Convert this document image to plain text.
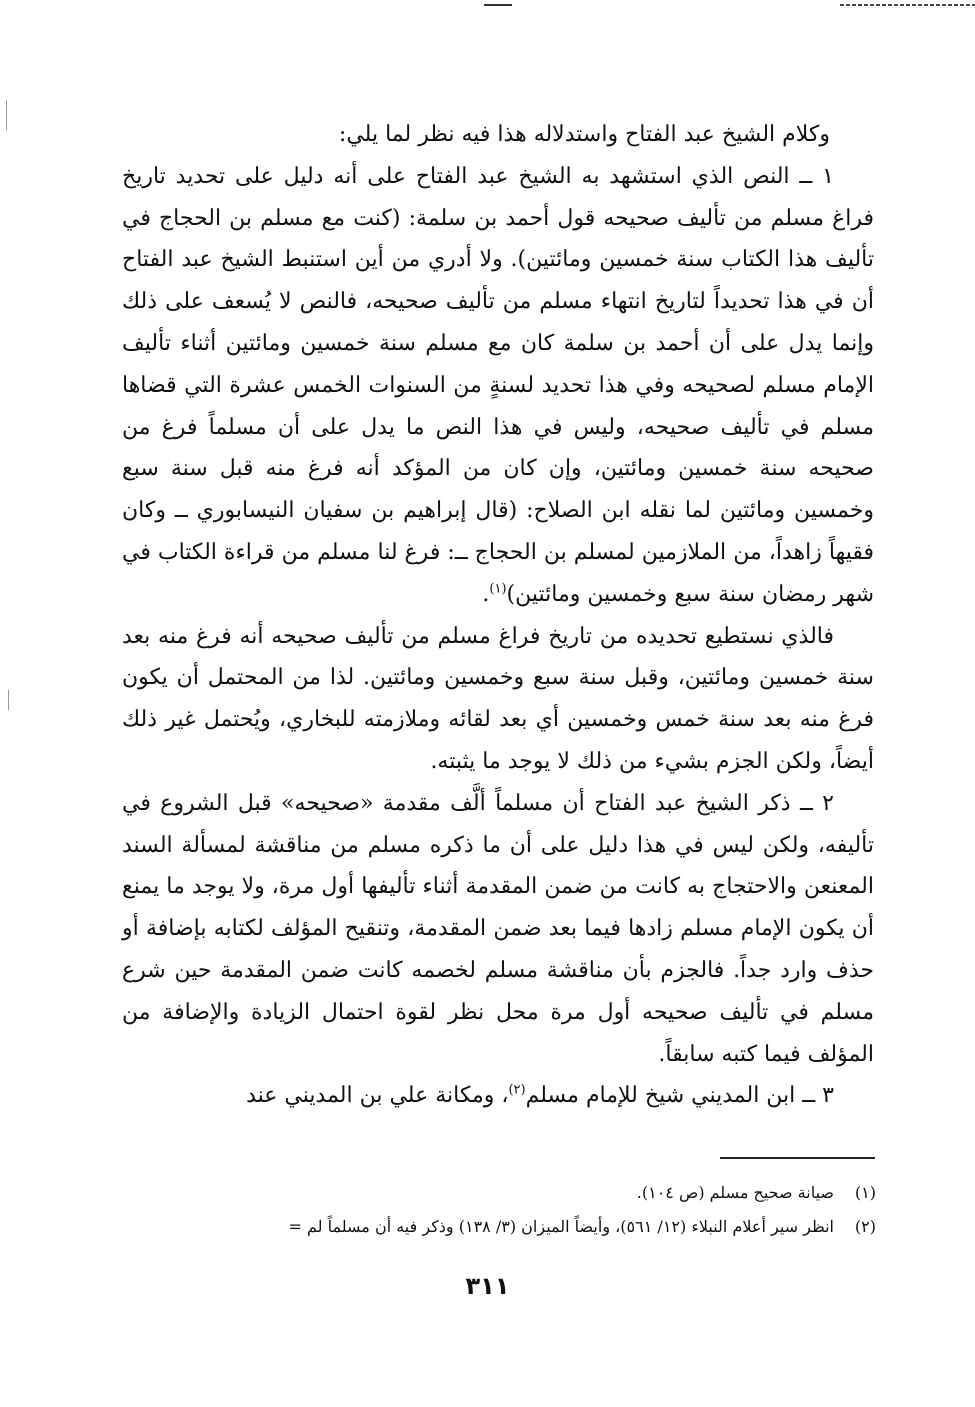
وكلام الشيخ عبد الفتاح واستدلاله هذا فيه نظر لما يلي:

١ ــ النص الذي استشهد به الشيخ عبد الفتاح على أنه دليل على تحديد تاريخ فراغ مسلم من تأليف صحيحه قول أحمد بن سلمة: (كنت مع مسلم بن الحجاج في تأليف هذا الكتاب سنة خمسين ومائتين). ولا أدري من أين استنبط الشيخ عبد الفتاح أن في هذا تحديداً لتاريخ انتهاء مسلم من تأليف صحيحه، فالنص لا يُسعف على ذلك وإنما يدل على أن أحمد بن سلمة كان مع مسلم سنة خمسين ومائتين أثناء تأليف الإمام مسلم لصحيحه وفي هذا تحديد لسنةٍ من السنوات الخمس عشرة التي قضاها مسلم في تأليف صحيحه، وليس في هذا النص ما يدل على أن مسلماً فرغ من صحيحه سنة خمسين ومائتين، وإن كان من المؤكد أنه فرغ منه قبل سنة سبع وخمسين ومائتين لما نقله ابن الصلاح: (قال إبراهيم بن سفيان النيسابوري ــ وكان فقيهاً زاهداً، من الملازمين لمسلم بن الحجاج ــ: فرغ لنا مسلم من قراءة الكتاب في شهر رمضان سنة سبع وخمسين ومائتين)$^{(١)}$.

فالذي نستطيع تحديده من تاريخ فراغ مسلم من تأليف صحيحه أنه فرغ منه بعد سنة خمسين ومائتين، وقبل سنة سبع وخمسين ومائتين. لذا من المحتمل أن يكون فرغ منه بعد سنة خمس وخمسين أي بعد لقائه وملازمته للبخاري، ويُحتمل غير ذلك أيضاً، ولكن الجزم بشيء من ذلك لا يوجد ما يثبته.

٢ ــ ذكر الشيخ عبد الفتاح أن مسلماً ألَّف مقدمة «صحيحه» قبل الشروع في تأليفه، ولكن ليس في هذا دليل على أن ما ذكره مسلم من مناقشة لمسألة السند المعنعن والاحتجاج به كانت من ضمن المقدمة أثناء تأليفها أول مرة، ولا يوجد ما يمنع أن يكون الإمام مسلم زادها فيما بعد ضمن المقدمة، وتنقيح المؤلف لكتابه بإضافة أو حذف وارد جداً. فالجزم بأن مناقشة مسلم لخصمه كانت ضمن المقدمة حين شرع مسلم في تأليف صحيحه أول مرة محل نظر لقوة احتمال الزيادة والإضافة من المؤلف فيما كتبه سابقاً.

٣ ــ ابن المديني شيخ للإمام مسلم$^{(٢)}$، ومكانة علي بن المديني عند

(١)
صيانة صحيح مسلم (ص ١٠٤).
(٢)
انظر سير أعلام النبلاء (١٢/ ٥٦١)، وأيضاً الميزان (٣/ ١٣٨) وذكر فيه أن مسلماً لم =
٣١١
